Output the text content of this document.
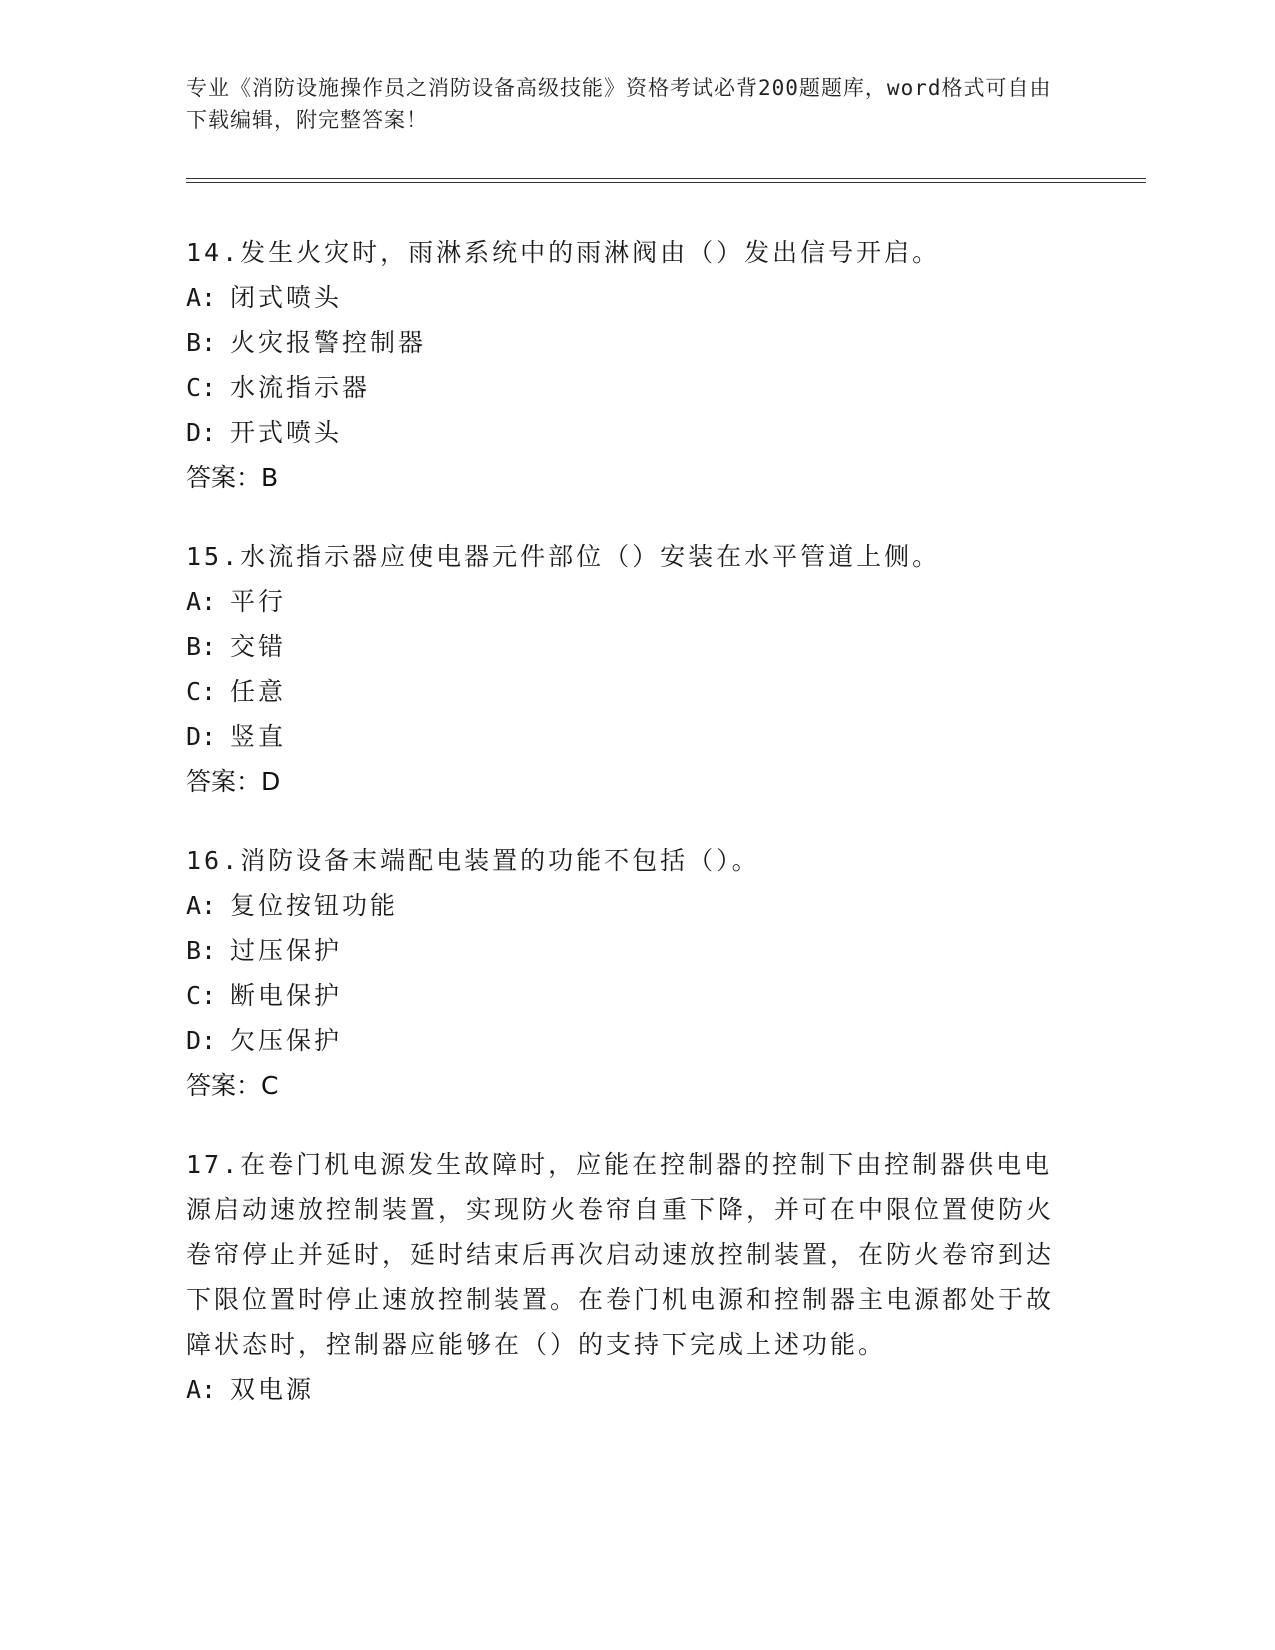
专业《消防设施操作员之消防设备高级技能》资格考试必背200题题库，word格式可自由下载编辑，附完整答案！

14.发生火灾时，雨淋系统中的雨淋阀由（）发出信号开启。

A: 闭式喷头

B: 火灾报警控制器

C: 水流指示器

D: 开式喷头

答案：B

15.水流指示器应使电器元件部位（）安装在水平管道上侧。

A: 平行

B: 交错

C: 任意

D: 竖直

答案：D

16.消防设备末端配电装置的功能不包括（）。

A: 复位按钮功能

B: 过压保护

C: 断电保护

D: 欠压保护

答案：C

17.在卷门机电源发生故障时，应能在控制器的控制下由控制器供电电源启动速放控制装置，实现防火卷帘自重下降，并可在中限位置使防火卷帘停止并延时，延时结束后再次启动速放控制装置，在防火卷帘到达下限位置时停止速放控制装置。在卷门机电源和控制器主电源都处于故障状态时，控制器应能够在（）的支持下完成上述功能。

A: 双电源
